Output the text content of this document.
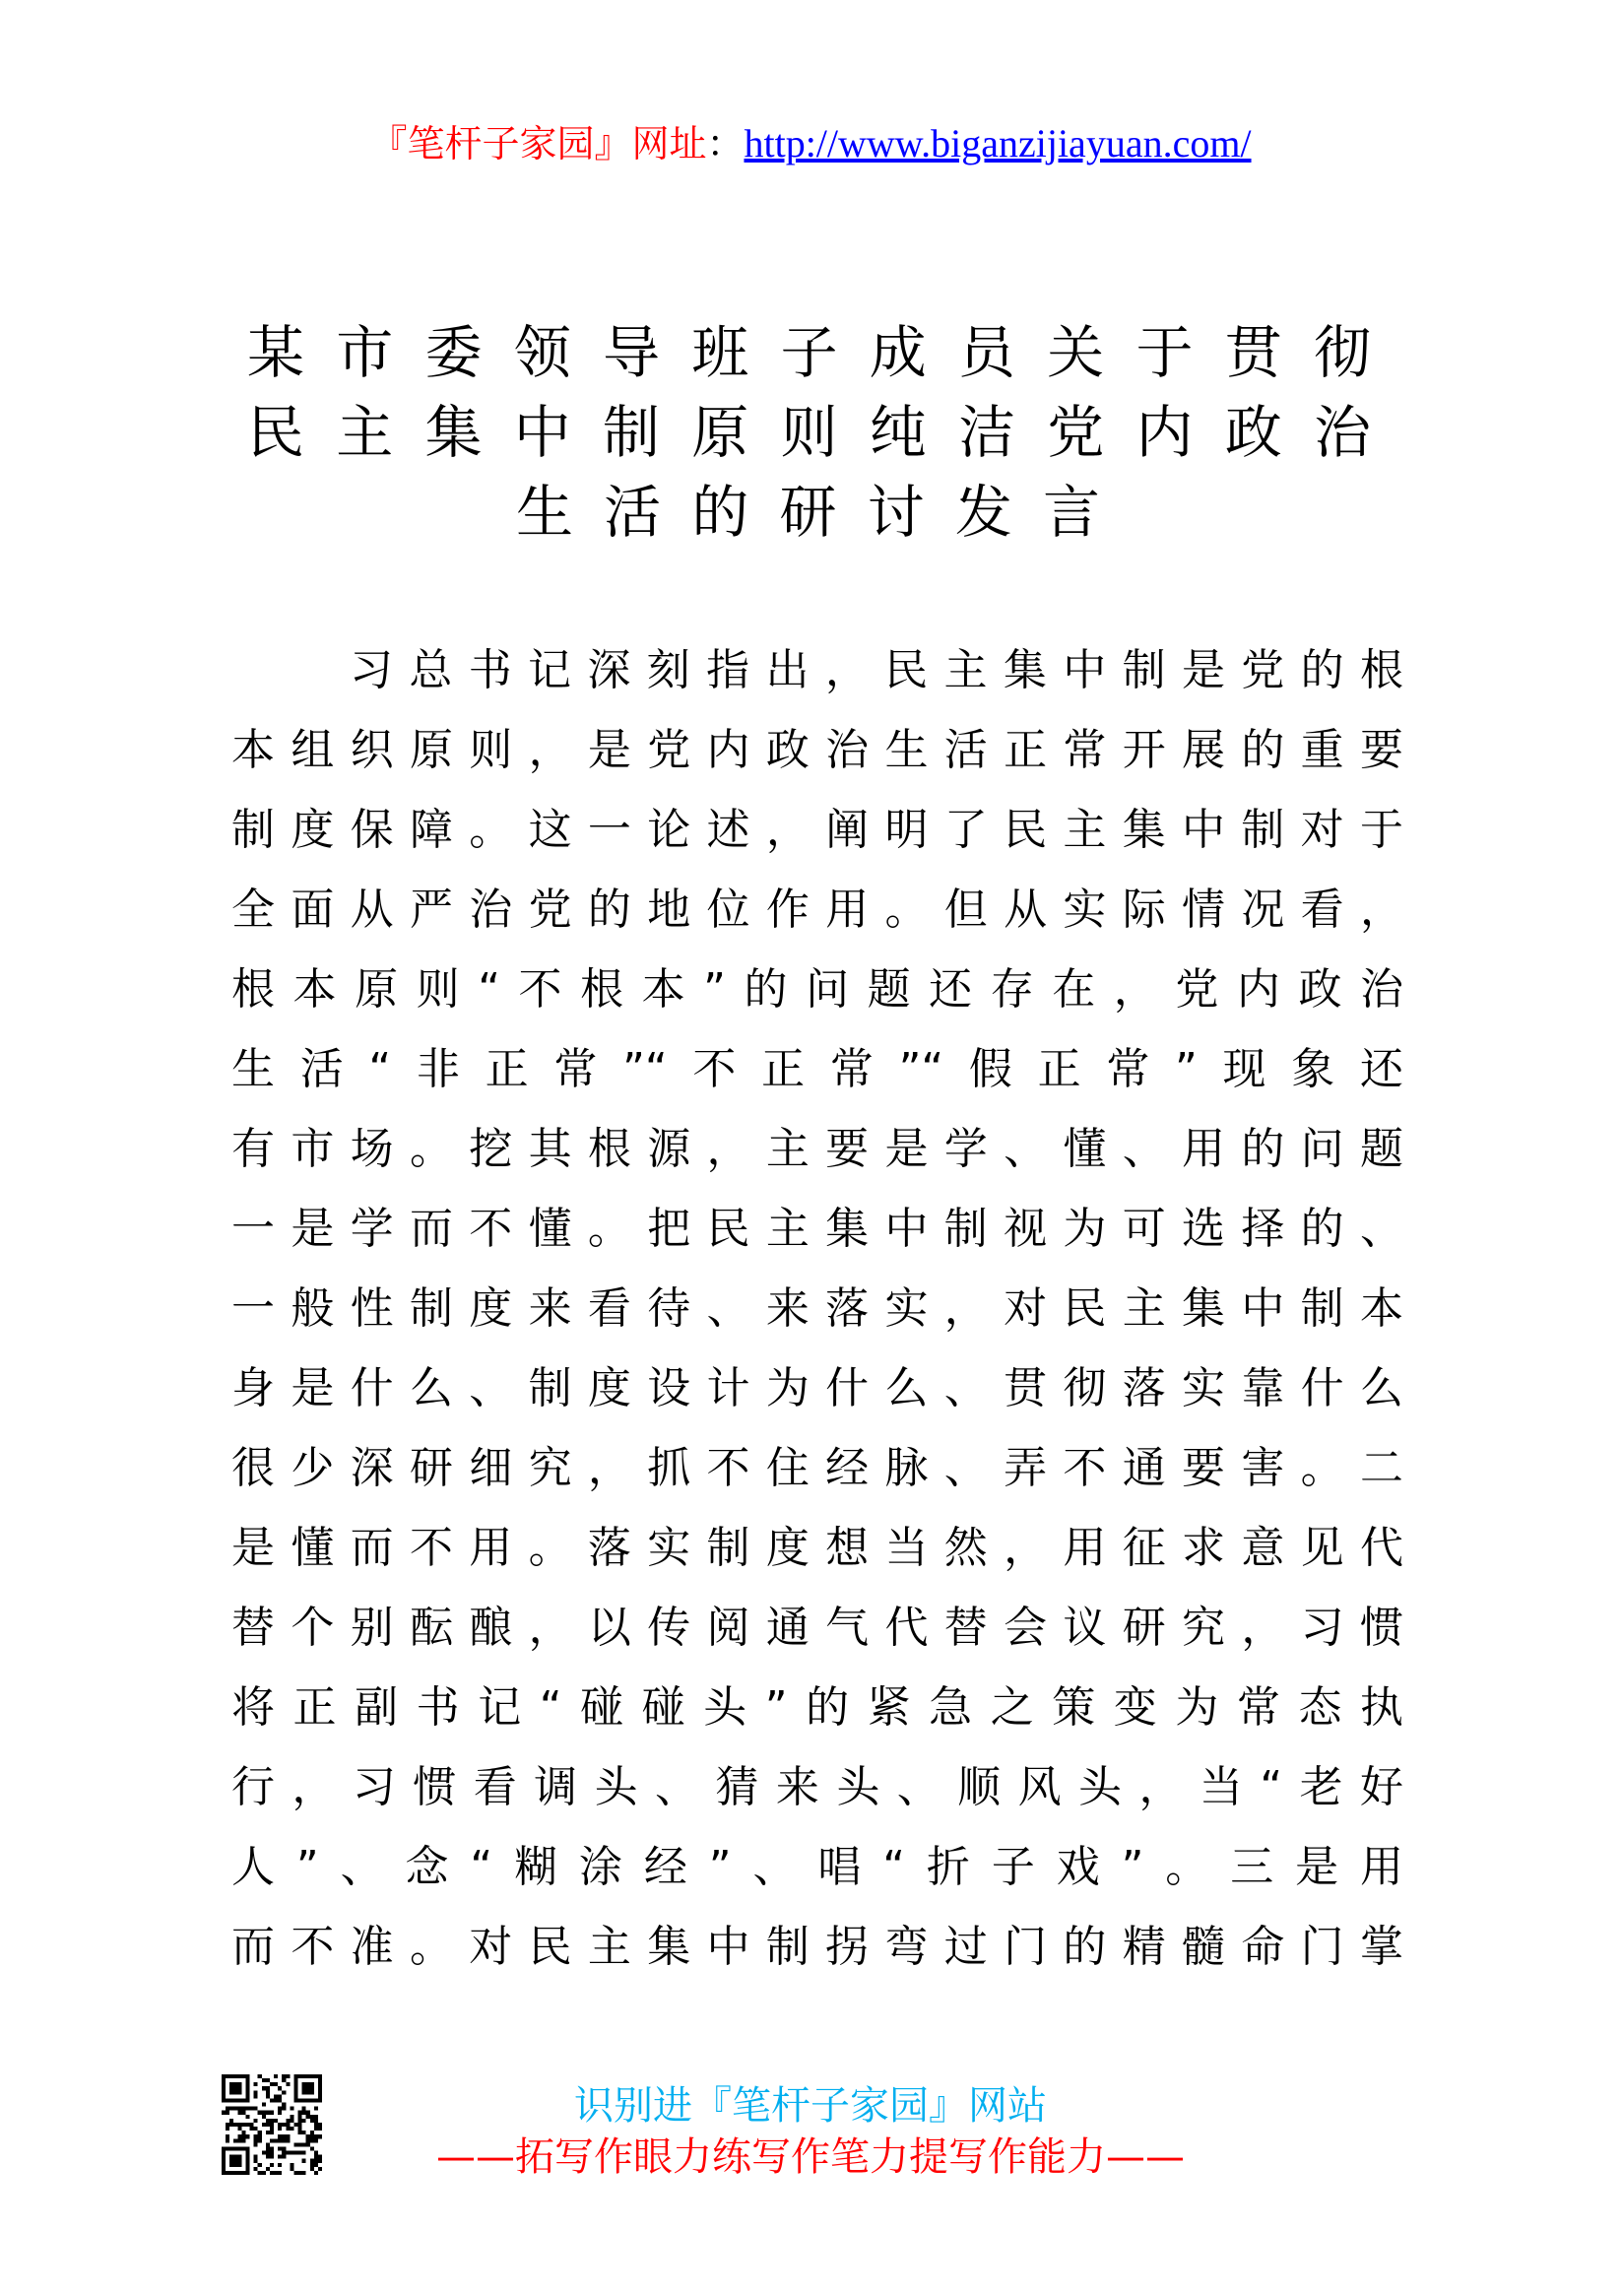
『笔杆子家园』网址：http://www.biganzijiayuan.com/
某市委领导班子成员关于贯彻
民主集中制原则纯洁党内政治
生活的研讨发言
习总书记深刻指出，民主集中制是党的根
本组织原则，是党内政治生活正常开展的重要
制度保障。这一论述，阐明了民主集中制对于
全面从严治党的地位作用。但从实际情况看，
根本原则“不根本”的问题还存在，党内政治
生活“非正常”“不正常”“假正常”现象还
有市场。挖其根源，主要是学、懂、用的问题
一是学而不懂。把民主集中制视为可选择的、
一般性制度来看待、来落实，对民主集中制本
身是什么、制度设计为什么、贯彻落实靠什么
很少深研细究，抓不住经脉、弄不通要害。二
是懂而不用。落实制度想当然，用征求意见代
替个别酝酿，以传阅通气代替会议研究，习惯
将正副书记“碰碰头”的紧急之策变为常态执
行，习惯看调头、猜来头、顺风头，当“老好
人”、念“糊涂经”、唱“折子戏”。三是用
而不准。对民主集中制拐弯过门的精髓命门掌
识别进『笔杆子家园』网站
——拓写作眼力练写作笔力提写作能力——
